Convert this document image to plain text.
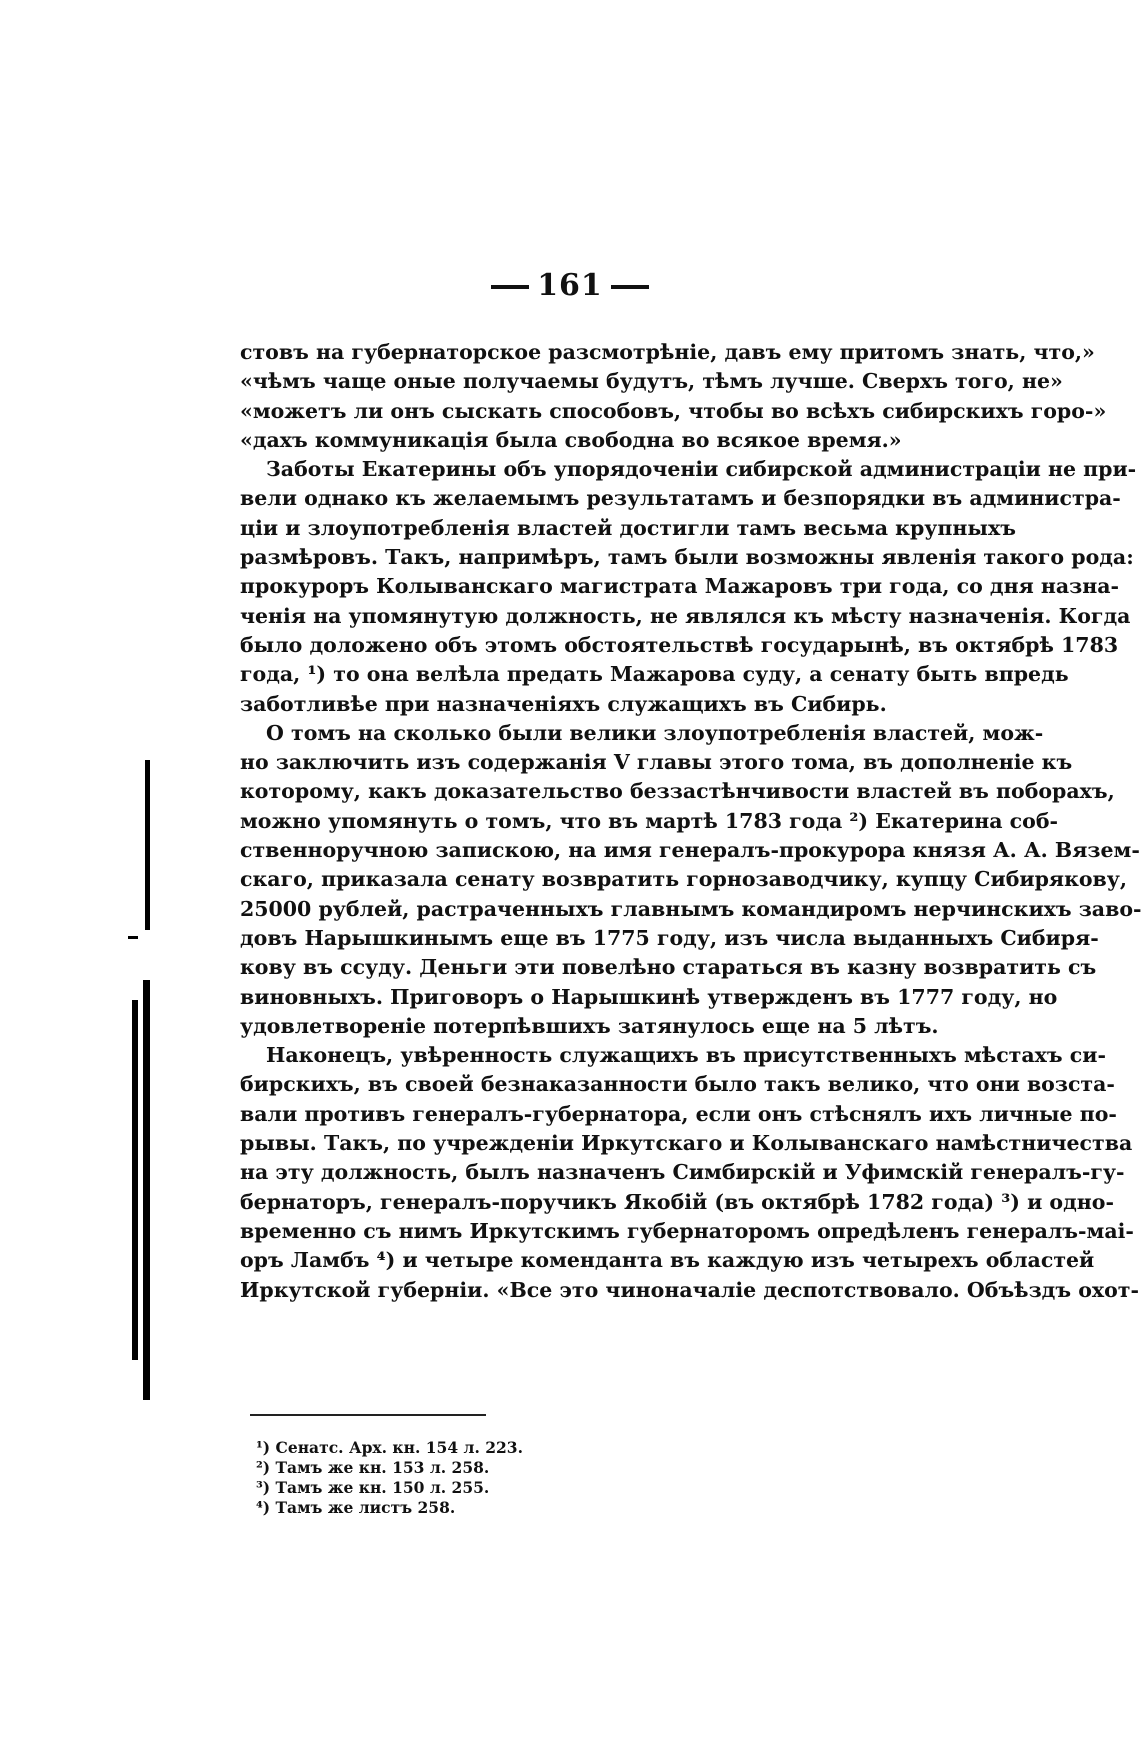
161
стовъ на губернаторское разсмотрѣніе, давъ ему притомъ знать, что,»
«чѣмъ чаще оные получаемы будутъ, тѣмъ лучше. Сверхъ того, не»
«можетъ ли онъ сыскать способовъ, чтобы во всѣхъ сибирскихъ горо-»
«дахъ коммуникація была свободна во всякое время.»
Заботы Екатерины объ упорядоченіи сибирской администраціи не при-
вели однако къ желаемымъ результатамъ и безпорядки въ администра-
ціи и злоупотребленія властей достигли тамъ весьма крупныхъ
размѣровъ. Такъ, напримѣръ, тамъ были возможны явленія такого рода:
прокуроръ Колыванскаго магистрата Мажаровъ три года, со дня назна-
ченія на упомянутую должность, не являлся къ мѣсту назначенія. Когда
было доложено объ этомъ обстоятельствѣ государынѣ, въ октябрѣ 1783
года, ¹) то она велѣла предать Мажарова суду, а сенату быть впредь
заботливѣе при назначеніяхъ служащихъ въ Сибирь.
О томъ на сколько были велики злоупотребленія властей, мож-
но заключить изъ содержанія V главы этого тома, въ дополненіе къ
которому, какъ доказательство беззастѣнчивости властей въ поборахъ,
можно упомянуть о томъ, что въ мартѣ 1783 года ²) Екатерина соб-
ственноручною запискою, на имя генералъ-прокурора князя А. А. Вязем-
скаго, приказала сенату возвратить горнозаводчику, купцу Сибирякову,
25000 рублей, растраченныхъ главнымъ командиромъ нерчинскихъ заво-
довъ Нарышкинымъ еще въ 1775 году, изъ числа выданныхъ Сибиря-
кову въ ссуду. Деньги эти повелѣно стараться въ казну возвратить съ
виновныхъ. Приговоръ о Нарышкинѣ утвержденъ въ 1777 году, но
удовлетвореніе потерпѣвшихъ затянулось еще на 5 лѣтъ.
Наконецъ, увѣренность служащихъ въ присутственныхъ мѣстахъ си-
бирскихъ, въ своей безнаказанности было такъ велико, что они возста-
вали противъ генералъ-губернатора, если онъ стѣснялъ ихъ личные по-
рывы. Такъ, по учрежденіи Иркутскаго и Колыванскаго намѣстничества
на эту должность, былъ назначенъ Симбирскій и Уфимскій генералъ-гу-
бернаторъ, генералъ-поручикъ Якобій (въ октябрѣ 1782 года) ³) и одно-
временно съ нимъ Иркутскимъ губернаторомъ опредѣленъ генералъ-маі-
оръ Ламбъ ⁴) и четыре коменданта въ каждую изъ четырехъ областей
Иркутской губерніи. «Все это чиноначаліе деспотствовало. Объѣздъ охот-
¹) Сенатс. Арх. кн. 154 л. 223.
²) Тамъ же кн. 153 л. 258.
³) Тамъ же кн. 150 л. 255.
⁴) Тамъ же листъ 258.
